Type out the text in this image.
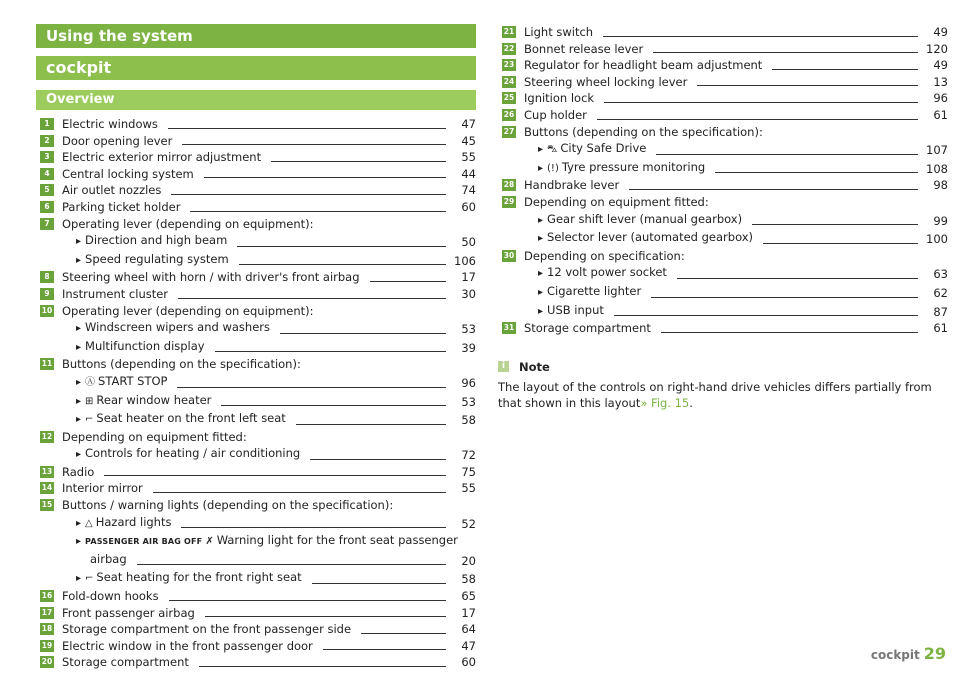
Using the system
cockpit
Overview
1	Electric windows	47
2	Door opening lever	45
3	Electric exterior mirror adjustment	55
4	Central locking system	44
5	Air outlet nozzles	74
6	Parking ticket holder	60
7	Operating lever (depending on equipment):
▸ Direction and high beam	50
▸ Speed regulating system	106
8	Steering wheel with horn / with driver's front airbag	17
9	Instrument cluster	30
10 Operating lever (depending on equipment):
▸ Windscreen wipers and washers	53
▸ Multifunction display	39
11 Buttons (depending on the specification):
▸ Ⓐ START STOP	96
▸ ⊞ Rear window heater	53
▸ ⌐ Seat heater on the front left seat	58
12 Depending on equipment fitted:
▸ Controls for heating / air conditioning	72
13 Radio	75
14 Interior mirror	55
15 Buttons / warning lights (depending on the specification):
▸ △ Hazard lights	52
▸ PASSENGER AIR BAG OFF ✗ Warning light for the front seat passenger
airbag	20
▸ ⌐ Seat heating for the front right seat	58
16 Fold-down hooks	65
17 Front passenger airbag	17
18 Storage compartment on the front passenger side	64
19 Electric window in the front passenger door	47
20 Storage compartment	60
21 Light switch	49
22 Bonnet release lever	120
23 Regulator for headlight beam adjustment	49
24 Steering wheel locking lever	13
25 Ignition lock	96
26 Cup holder	61
27 Buttons (depending on the specification):
▸ ⛍ City Safe Drive	107
▸ (!) Tyre pressure monitoring	108
28 Handbrake lever	98
29 Depending on equipment fitted:
▸ Gear shift lever (manual gearbox)	99
▸ Selector lever (automated gearbox)	100
30 Depending on specification:
▸ 12 volt power socket	63
▸ Cigarette lighter	62
▸ USB input	87
31 Storage compartment	61
i	Note
The layout of the controls on right-hand drive vehicles differs partially from that shown in this layout» Fig. 15.
cockpit 29
